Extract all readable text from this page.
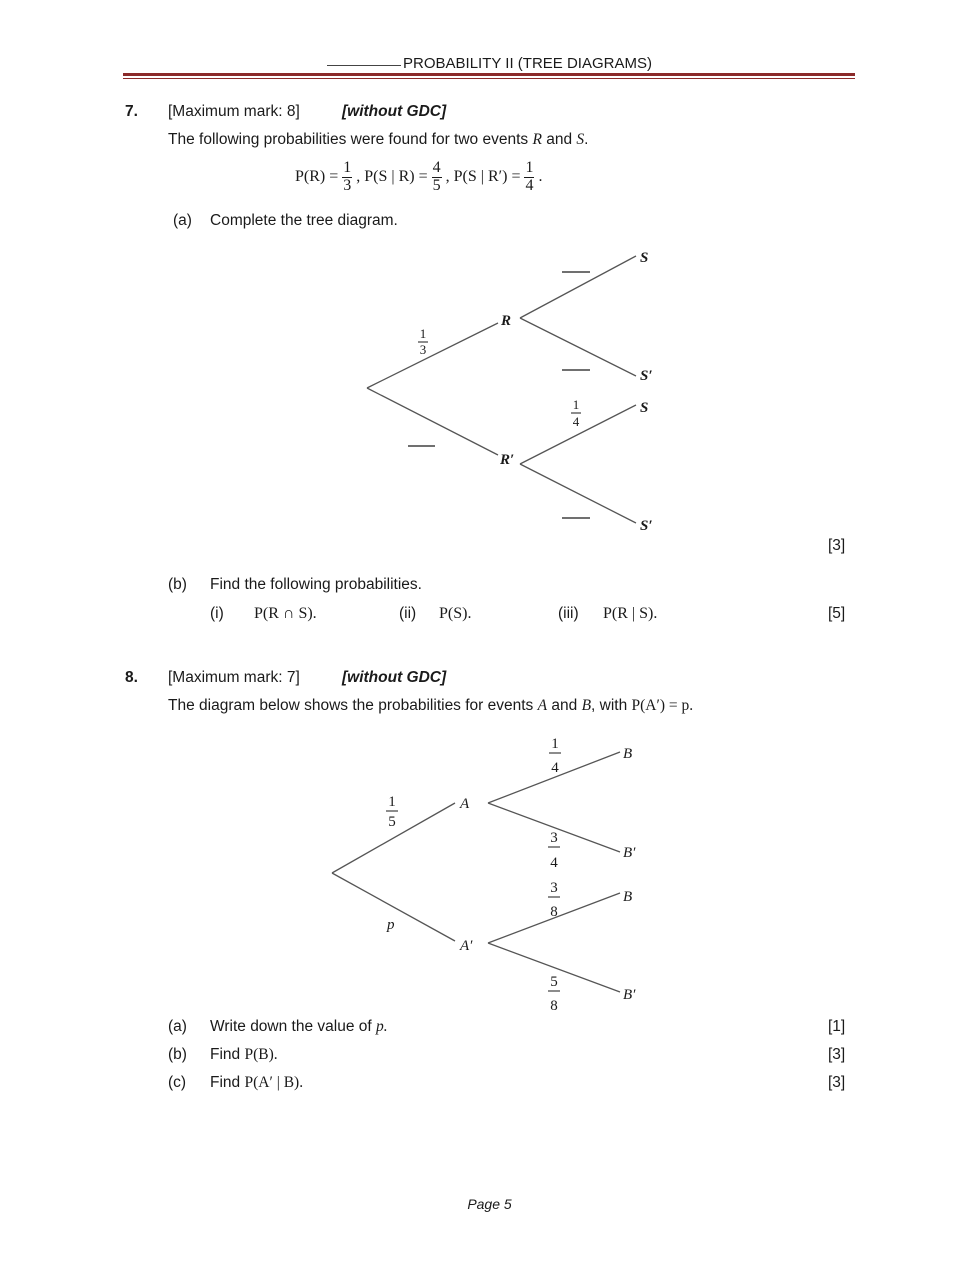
PROBABILITY II (TREE DIAGRAMS)
7. [Maximum mark: 8]	[without GDC]
The following probabilities were found for two events R and S.
$P(R) = \frac{1}{3}$ , P(S | $R) = \frac{4}{5}$ , P(S | $R') = \frac{1}{4}$ .
(a) Complete the tree diagram.
R
R′
S
S′
S
S′
1
3
1
4
[3]
(b) Find the following probabilities.
(i) P(R ∩ S).	(ii) P(S).	(iii) P(R | S).	[5]
8. [Maximum mark: 7]	[without GDC]
The diagram below shows the probabilities for events A and B, with P(A′) = p.
A
A′
B
B′
B
B′
p
1
5
1
4
3
4
3
8
5
8
(a) Write down the value of p.	[1]
(b) Find P(B).	[3]
(c) Find P(A′ | B).	[3]
Page 5
